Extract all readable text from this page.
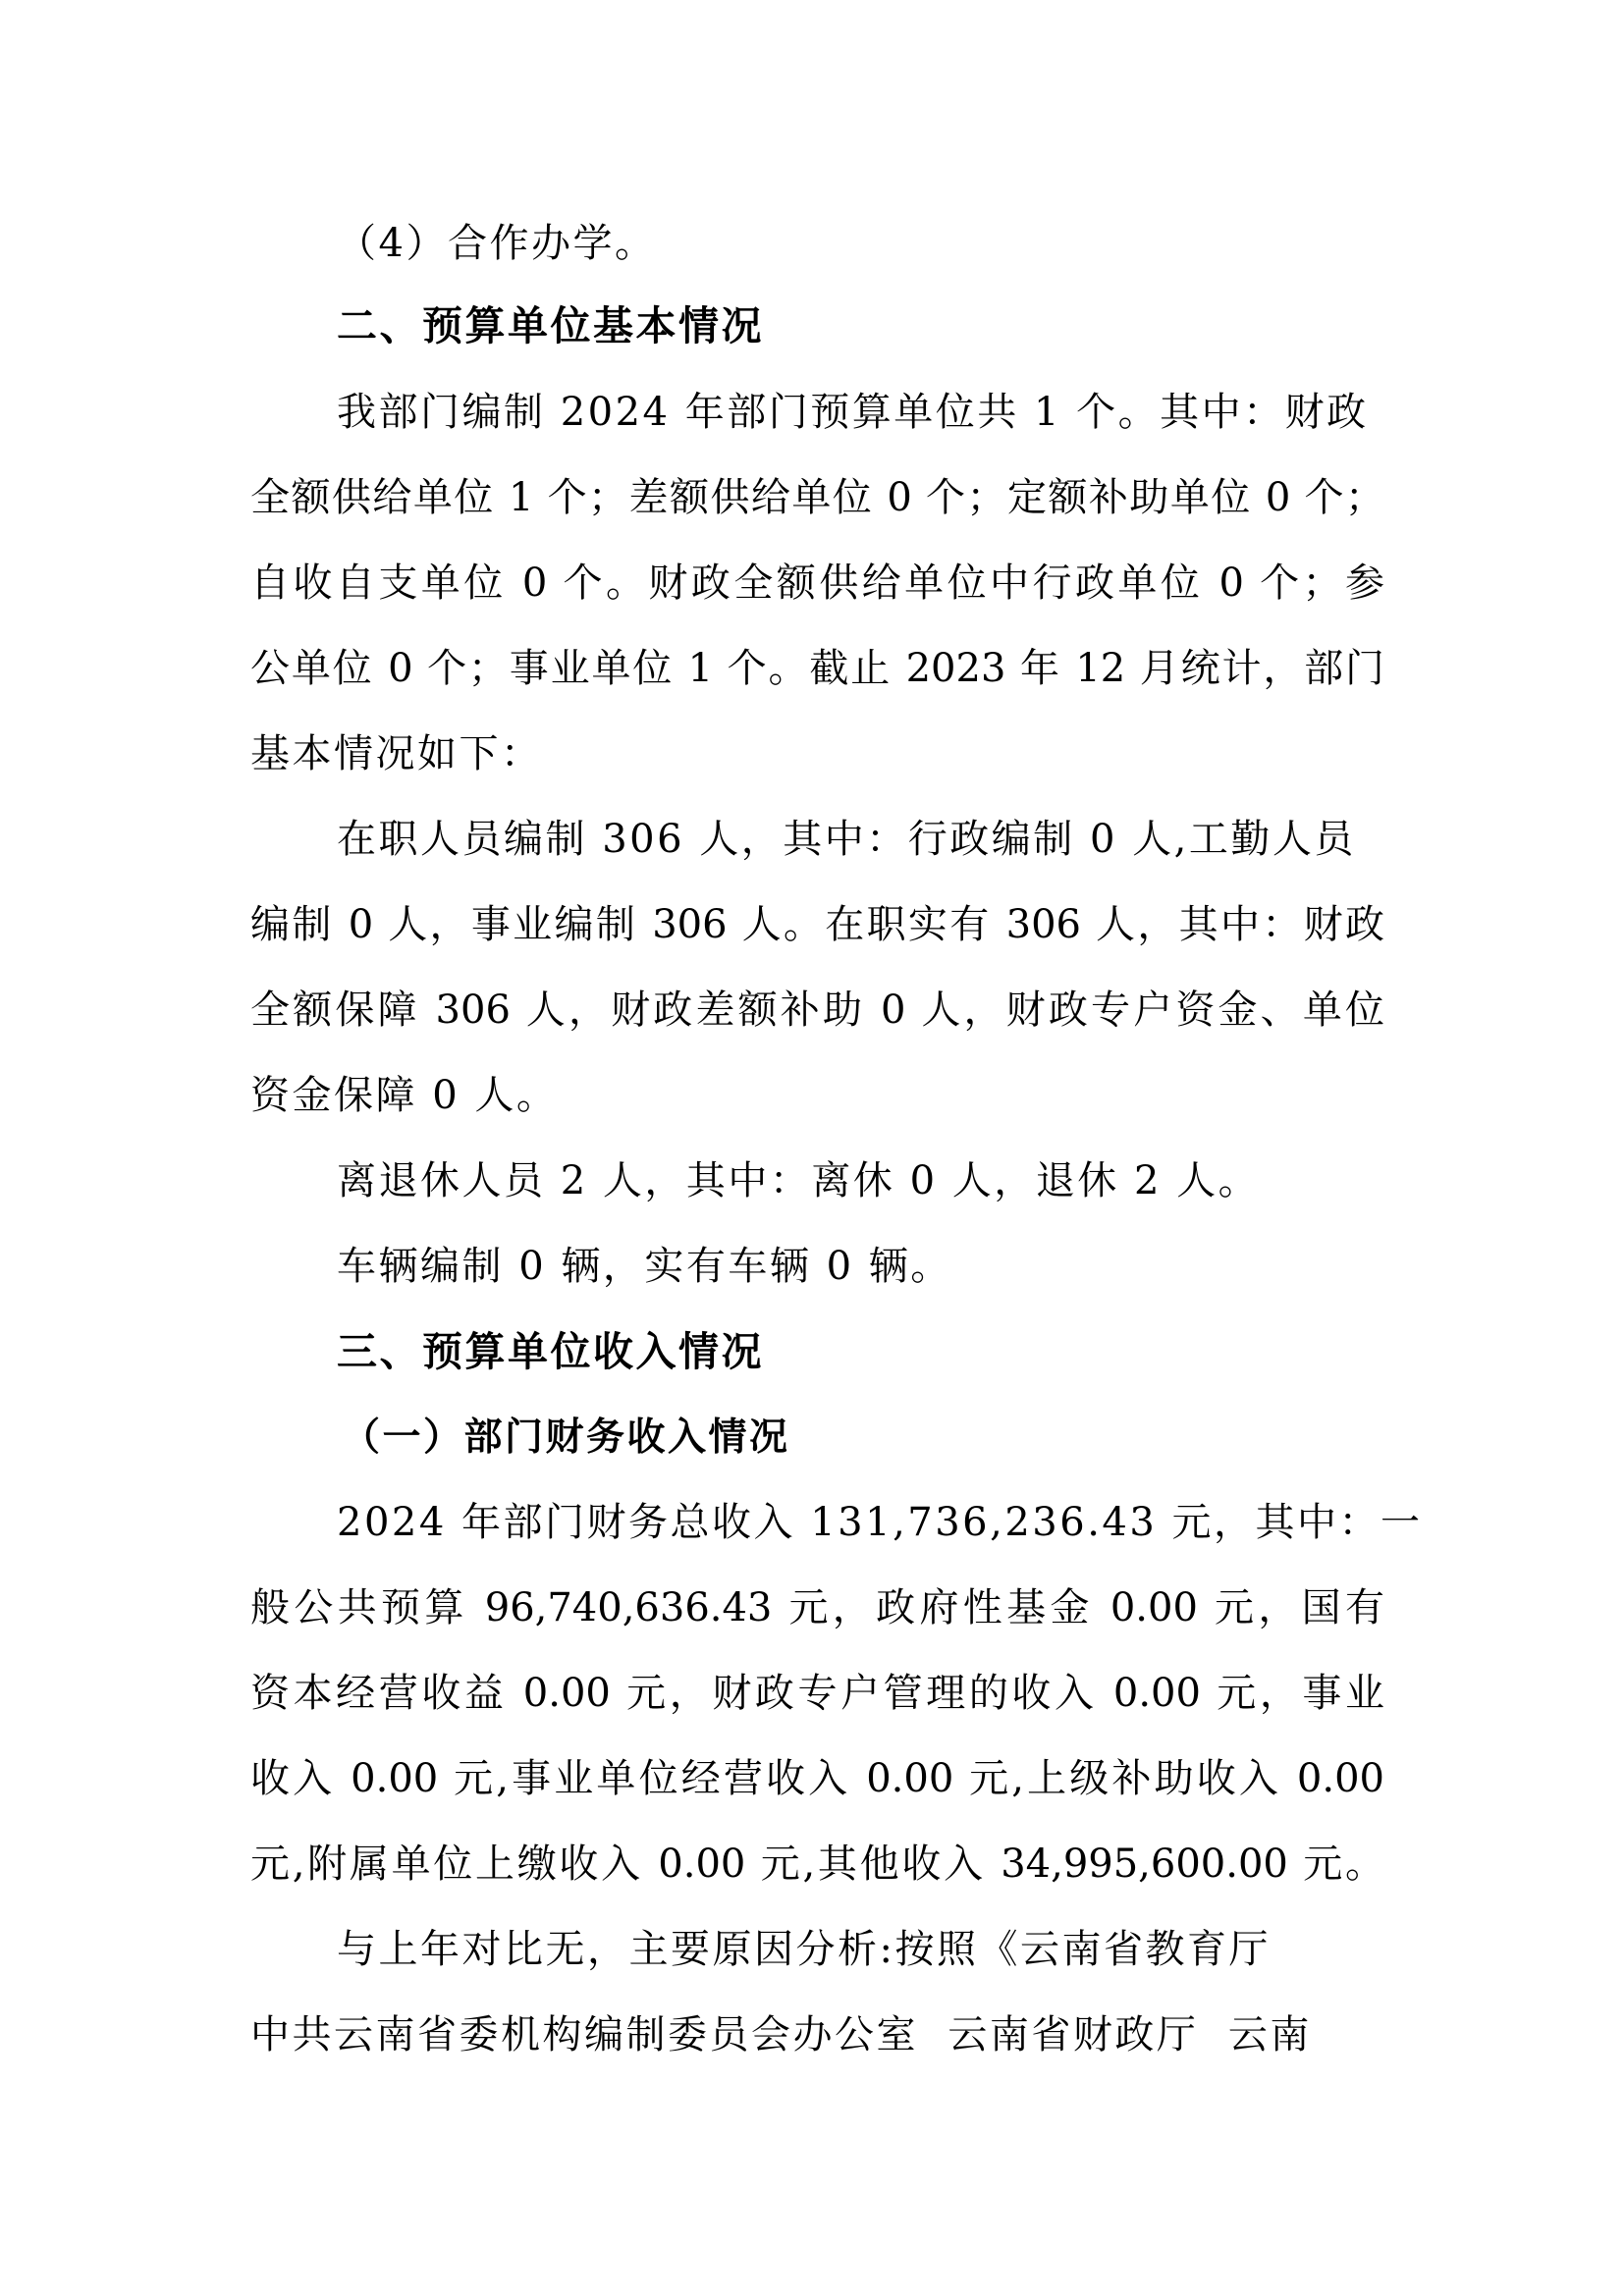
（4）合作办学。
二、预算单位基本情况
我部门编制 2024 年部门预算单位共 1 个。其中：财政
全额供给单位 1 个；差额供给单位 0 个；定额补助单位 0 个；
自收自支单位 0 个。财政全额供给单位中行政单位 0 个；参
公单位 0 个；事业单位 1 个。截止 2023 年 12 月统计，部门
基本情况如下：
在职人员编制 306 人，其中：行政编制 0 人,工勤人员
编制 0 人，事业编制 306 人。在职实有 306 人，其中：财政
全额保障 306 人，财政差额补助 0 人，财政专户资金、单位
资金保障 0 人。
离退休人员 2 人，其中：离休 0 人，退休 2 人。
车辆编制 0 辆，实有车辆 0 辆。
三、预算单位收入情况
（一）部门财务收入情况
2024 年部门财务总收入 131,736,236.43 元，其中：一
般公共预算 96,740,636.43 元，政府性基金 0.00 元，国有
资本经营收益 0.00 元，财政专户管理的收入 0.00 元，事业
收入 0.00 元,事业单位经营收入 0.00 元,上级补助收入 0.00
元,附属单位上缴收入 0.00 元,其他收入 34,995,600.00 元。
与上年对比无，主要原因分析:按照《云南省教育厅
中共云南省委机构编制委员会办公室  云南省财政厅  云南
